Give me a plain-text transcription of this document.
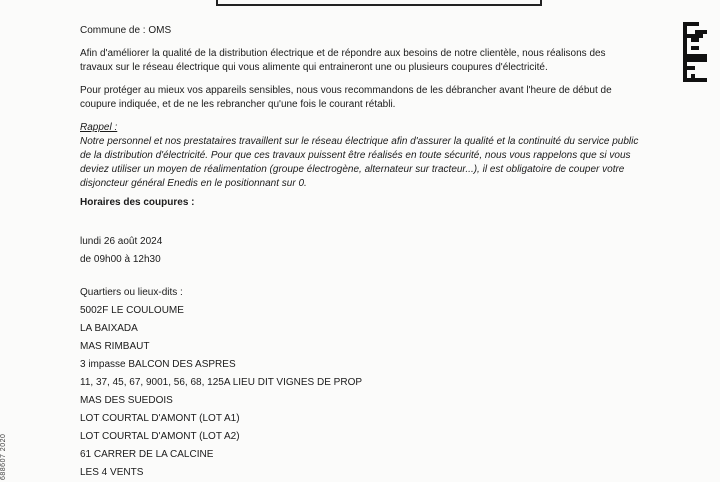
688607 2020

Commune de : OMS

Afin d'améliorer la qualité de la distribution électrique et de répondre aux besoins de notre clientèle, nous réalisons des travaux sur le réseau électrique qui vous alimente qui entraineront une ou plusieurs coupures d'électricité.

Pour protéger au mieux vos appareils sensibles, nous vous recommandons de les débrancher avant l'heure de début de coupure indiquée, et de ne les rebrancher qu'une fois le courant rétabli.

Rappel :

Notre personnel et nos prestataires travaillent sur le réseau électrique afin d'assurer la qualité et la continuité du service public de la distribution d'électricité. Pour que ces travaux puissent être réalisés en toute sécurité, nous vous rappelons que si vous deviez utiliser un moyen de réalimentation (groupe électrogène, alternateur sur tracteur...), il est obligatoire de couper votre disjoncteur général Enedis en le positionnant sur 0.

Horaires des coupures :

lundi 26 août 2024

de 09h00 à 12h30

Quartiers ou lieux-dits :

5002F LE COULOUME

LA BAIXADA

MAS RIMBAUT

3 impasse BALCON DES ASPRES

11, 37, 45, 67, 9001, 56, 68, 125A LIEU DIT VIGNES DE PROP

MAS DES SUEDOIS

LOT COURTAL D'AMONT (LOT A1)

LOT COURTAL D'AMONT (LOT A2)

61 CARRER DE LA CALCINE

LES 4 VENTS
